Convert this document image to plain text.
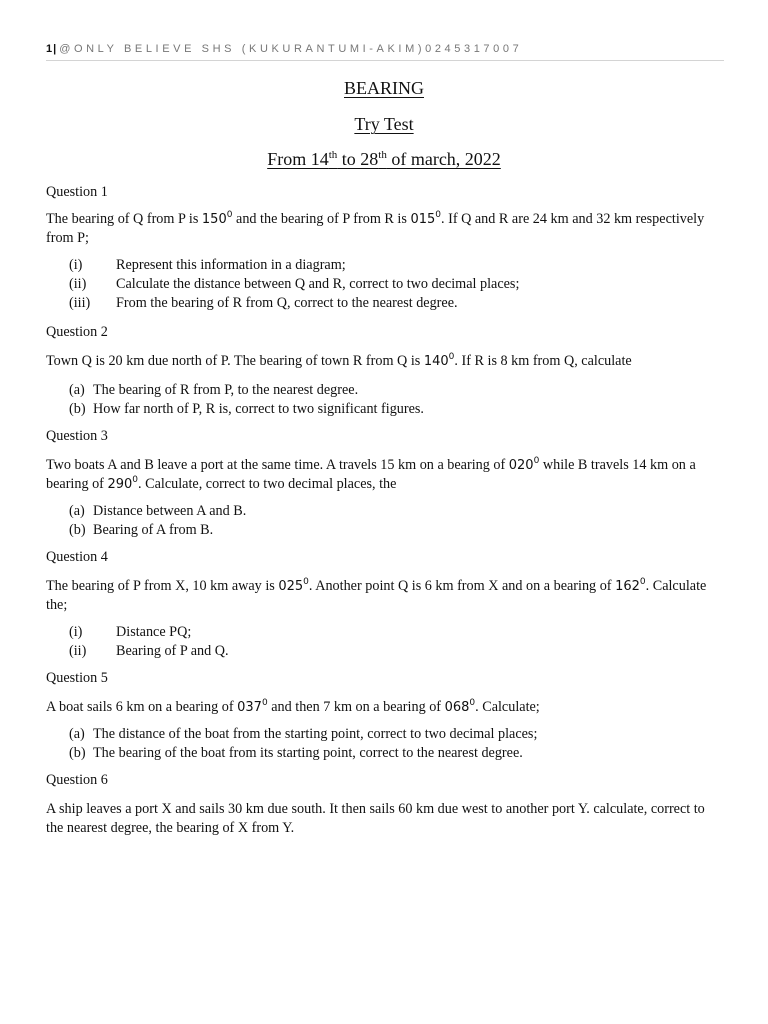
1| @ONLY BELIEVE SHS (KUKURANTUMI-AKIM)0245317007
BEARING
Try Test
From 14th to 28th of march, 2022

Question 1

The bearing of Q from P is $150^0$ and the bearing of P from R is $015^0$. If Q and R are 24 km and 32 km respectively from P;

(i) Represent this information in a diagram;
(ii) Calculate the distance between Q and R, correct to two decimal places;
(iii) From the bearing of R from Q, correct to the nearest degree.

Question 2

Town Q is 20 km due north of P. The bearing of town R from Q is $140^0$. If R is 8 km from Q, calculate

(a) The bearing of R from P, to the nearest degree.
(b) How far north of P, R is, correct to two significant figures.

Question 3

Two boats A and B leave a port at the same time. A travels 15 km on a bearing of $020^0$ while B travels 14 km on a bearing of $290^0$. Calculate, correct to two decimal places, the

(a) Distance between A and B.
(b) Bearing of A from B.

Question 4

The bearing of P from X, 10 km away is $025^0$. Another point Q is 6 km from X and on a bearing of $162^0$. Calculate the;

(i) Distance PQ;
(ii) Bearing of P and Q.

Question 5

A boat sails 6 km on a bearing of $037^0$ and then 7 km on a bearing of $068^0$. Calculate;

(a) The distance of the boat from the starting point, correct to two decimal places;
(b) The bearing of the boat from its starting point, correct to the nearest degree.

Question 6

A ship leaves a port X and sails 30 km due south. It then sails 60 km due west to another port Y. calculate, correct to the nearest degree, the bearing of X from Y.
